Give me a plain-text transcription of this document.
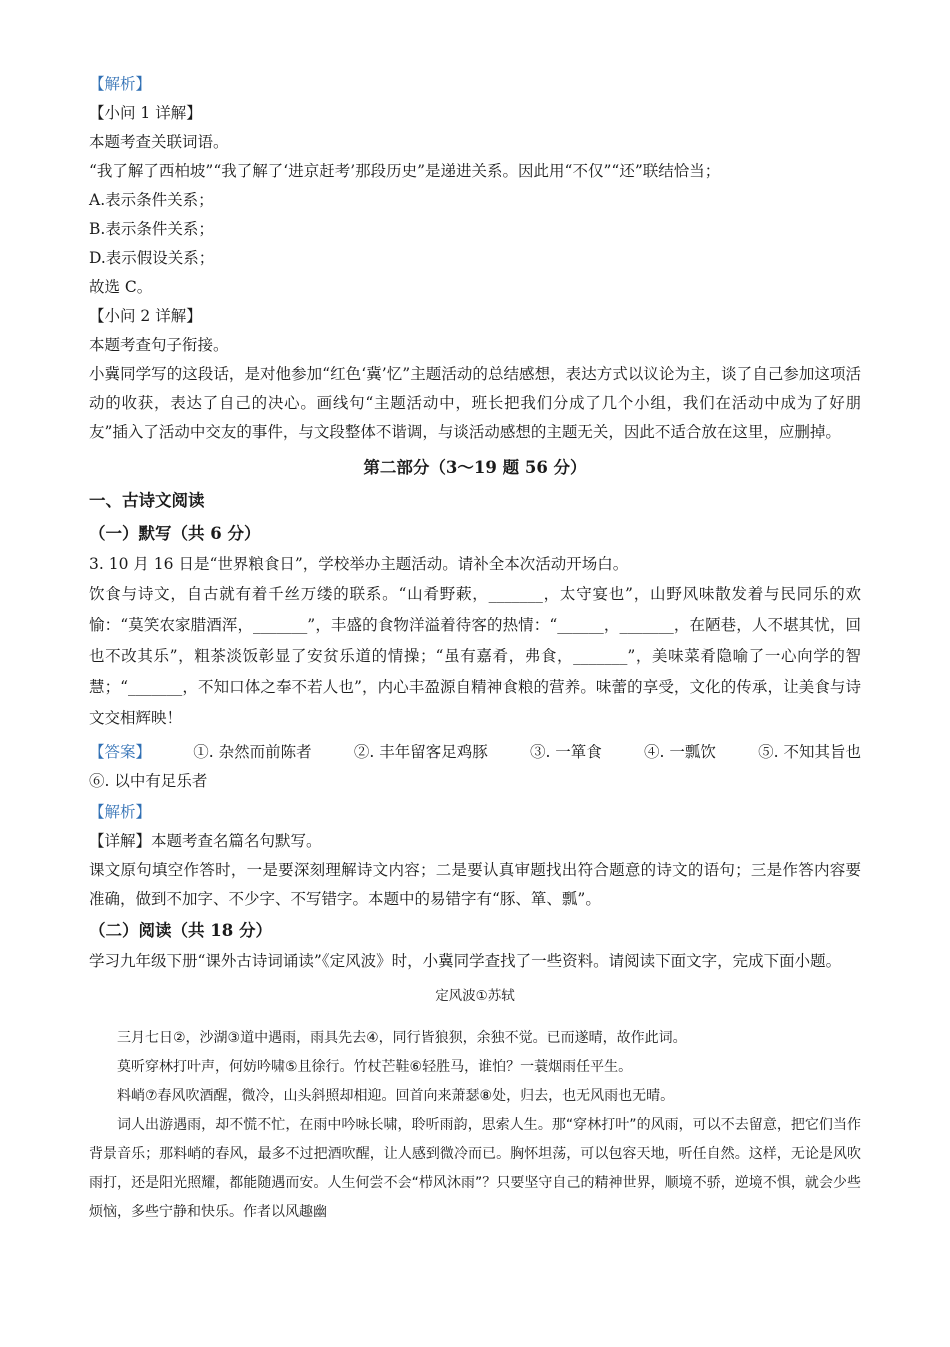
【解析】

【小问 1 详解】

本题考查关联词语。

“我了解了西柏坡”“我了解了‘进京赶考’那段历史”是递进关系。因此用“不仅”“还”联结恰当；

A.表示条件关系；

B.表示条件关系；

D.表示假设关系；

故选 C。

【小问 2 详解】

本题考查句子衔接。

小冀同学写的这段话，是对他参加“红色‘冀’忆”主题活动的总结感想，表达方式以议论为主，谈了自己参加这项活动的收获，表达了自己的决心。画线句“主题活动中，班长把我们分成了几个小组，我们在活动中成为了好朋友”插入了活动中交友的事件，与文段整体不谐调，与谈活动感想的主题无关，因此不适合放在这里，应删掉。

第二部分（3～19 题 56 分）

一、古诗文阅读

（一）默写（共 6 分）

3. 10 月 16 日是“世界粮食日”，学校举办主题活动。请补全本次活动开场白。

饮食与诗文，自古就有着千丝万缕的联系。“山肴野蔌，_______，太守宴也”，山野风味散发着与民同乐的欢愉：“莫笑农家腊酒浑，_______”，丰盛的食物洋溢着待客的热情：“______，_______，在陋巷，人不堪其忧，回也不改其乐”，粗茶淡饭彰显了安贫乐道的情操；“虽有嘉肴，弗食，_______”，美味菜肴隐喻了一心向学的智慧；“_______，不知口体之奉不若人也”，内心丰盈源自精神食粮的营养。味蕾的享受，文化的传承，让美食与诗文交相辉映！

【答案】	①. 杂然而前陈者	②. 丰年留客足鸡豚	③. 一箪食	④. 一瓢饮	⑤. 不知其旨也

⑥. 以中有足乐者

【解析】

【详解】本题考查名篇名句默写。

课文原句填空作答时，一是要深刻理解诗文内容；二是要认真审题找出符合题意的诗文的语句；三是作答内容要准确，做到不加字、不少字、不写错字。本题中的易错字有“豚、箪、瓢”。

（二）阅读（共 18 分）

学习九年级下册“课外古诗词诵读”《定风波》时，小冀同学查找了一些资料。请阅读下面文字，完成下面小题。

定风波①苏轼

三月七日②，沙湖③道中遇雨，雨具先去④，同行皆狼狈，余独不觉。已而遂晴，故作此词。

莫听穿林打叶声，何妨吟啸⑤且徐行。竹杖芒鞋⑥轻胜马，谁怕？一蓑烟雨任平生。

料峭⑦春风吹酒醒，微冷，山头斜照却相迎。回首向来萧瑟⑧处，归去，也无风雨也无晴。

词人出游遇雨，却不慌不忙，在雨中吟咏长啸，聆听雨韵，思索人生。那“穿林打叶”的风雨，可以不去留意，把它们当作背景音乐；那料峭的春风，最多不过把酒吹醒，让人感到微冷而已。胸怀坦荡，可以包容天地，听任自然。这样，无论是风吹雨打，还是阳光照耀，都能随遇而安。人生何尝不会“栉风沐雨”？只要坚守自己的精神世界，顺境不骄，逆境不惧，就会少些烦恼，多些宁静和快乐。作者以风趣幽
